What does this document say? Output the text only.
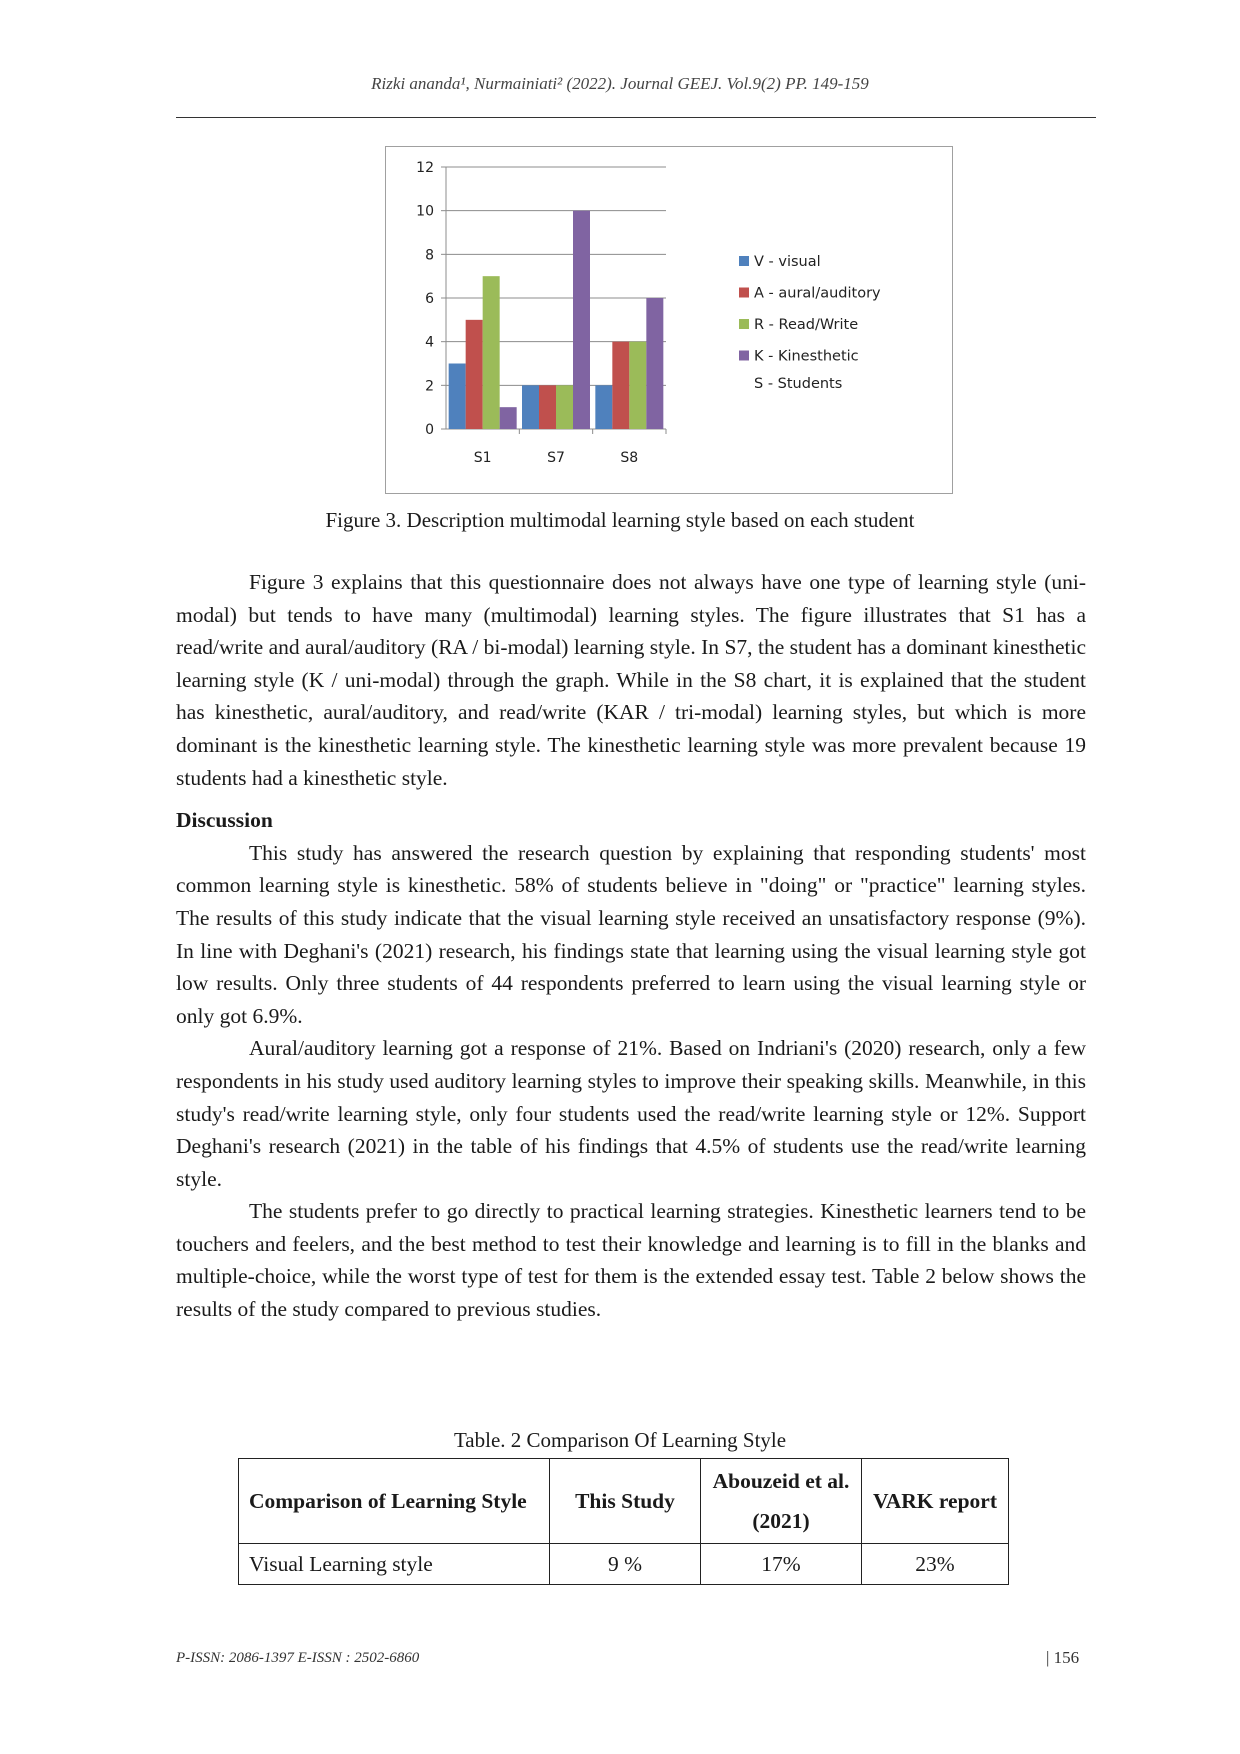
Rizki ananda¹, Nurmainiati² (2022). Journal GEEJ. Vol.9(2) PP. 149-159
0
2
4
6
8
10
12
S1	S7	S8
V - visual
A - aural/auditory
R - Read/Write
K - Kinesthetic
S - Students
Figure 3. Description multimodal learning style based on each student

Figure 3 explains that this questionnaire does not always have one type of learning style (uni-modal) but tends to have many (multimodal) learning styles. The figure illustrates that S1 has a read/write and aural/auditory (RA / bi-modal) learning style. In S7, the student has a dominant kinesthetic learning style (K / uni-modal) through the graph. While in the S8 chart, it is explained that the student has kinesthetic, aural/auditory, and read/write (KAR / tri-modal) learning styles, but which is more dominant is the kinesthetic learning style. The kinesthetic learning style was more prevalent because 19 students had a kinesthetic style.

Discussion

This study has answered the research question by explaining that responding students' most common learning style is kinesthetic. 58% of students believe in "doing" or "practice" learning styles. The results of this study indicate that the visual learning style received an unsatisfactory response (9%). In line with Deghani's (2021) research, his findings state that learning using the visual learning style got low results. Only three students of 44 respondents preferred to learn using the visual learning style or only got 6.9%.

Aural/auditory learning got a response of 21%. Based on Indriani's (2020) research, only a few respondents in his study used auditory learning styles to improve their speaking skills. Meanwhile, in this study's read/write learning style, only four students used the read/write learning style or 12%. Support Deghani's research (2021) in the table of his findings that 4.5% of students use the read/write learning style.

The students prefer to go directly to practical learning strategies. Kinesthetic learners tend to be touchers and feelers, and the best method to test their knowledge and learning is to fill in the blanks and multiple-choice, while the worst type of test for them is the extended essay test. Table 2 below shows the results of the study compared to previous studies.

Table. 2 Comparison Of Learning Style
Comparison of Learning Style	This Study	Abouzeid et al. (2021)	VARK report
Visual Learning style	9 %	17%	23%
P-ISSN: 2086-1397 E-ISSN : 2502-6860	| 156
